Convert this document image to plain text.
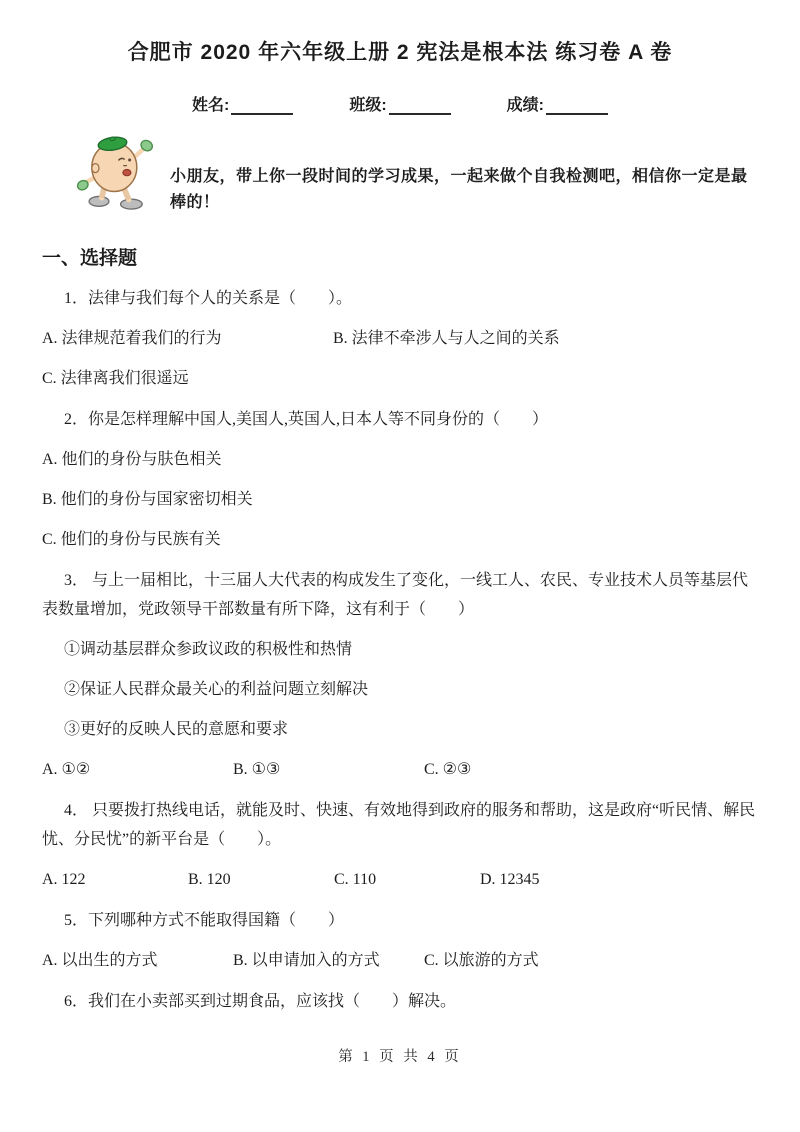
合肥市 2020 年六年级上册 2 宪法是根本法 练习卷 A 卷
姓名:	班级:	成绩:
小朋友，带上你一段时间的学习成果，一起来做个自我检测吧，相信你一定是最棒的！
一、选择题

1．法律与我们每个人的关系是（　　）。

A. 法律规范着我们的行为	B. 法律不牵涉人与人之间的关系
C. 法律离我们很遥远

2．你是怎样理解中国人,美国人,英国人,日本人等不同身份的（　　）

A. 他们的身份与肤色相关

B. 他们的身份与国家密切相关

C. 他们的身份与民族有关

3． 与上一届相比，十三届人大代表的构成发生了变化，一线工人、农民、专业技术人员等基层代表数量增加，党政领导干部数量有所下降，这有利于（　　）

①调动基层群众参政议政的积极性和热情

②保证人民群众最关心的利益问题立刻解决

③更好的反映人民的意愿和要求

A. ①②	B. ①③	C. ②③

4． 只要拨打热线电话，就能及时、快速、有效地得到政府的服务和帮助，这是政府“听民情、解民忧、分民忧”的新平台是（　　）。

A. 122	B. 120	C. 110	D. 12345

5．下列哪种方式不能取得国籍（　　）

A. 以出生的方式	B. 以申请加入的方式	C. 以旅游的方式

6．我们在小卖部买到过期食品，应该找（　　）解决。

第 1 页 共 4 页
